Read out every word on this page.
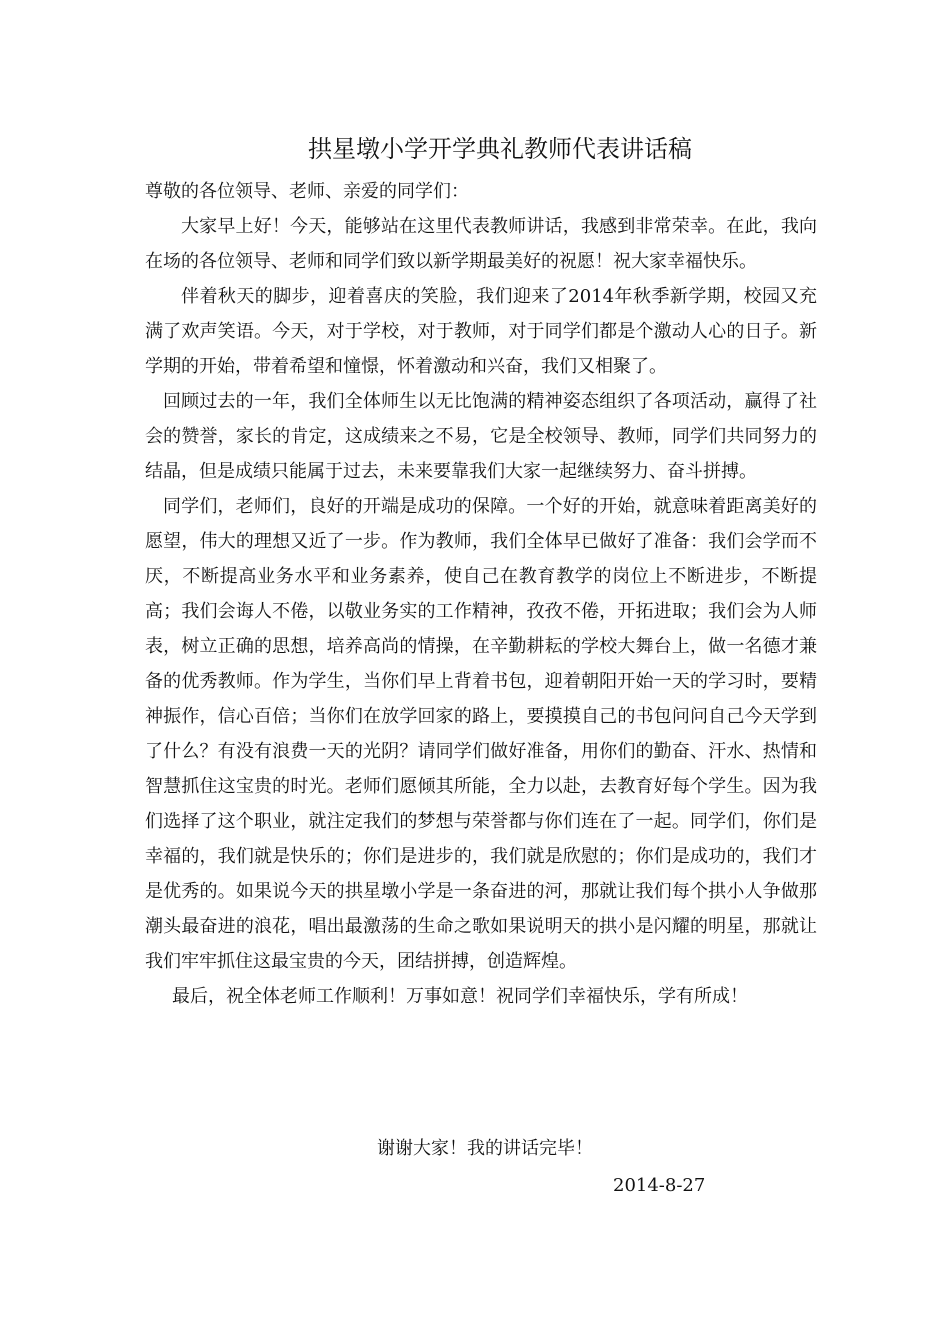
拱星墩小学开学典礼教师代表讲话稿

尊敬的各位领导、老师、亲爱的同学们：

大家早上好！今天，能够站在这里代表教师讲话，我感到非常荣幸。在此，我向在场的各位领导、老师和同学们致以新学期最美好的祝愿！祝大家幸福快乐。

伴着秋天的脚步，迎着喜庆的笑脸，我们迎来了2014年秋季新学期，校园又充满了欢声笑语。今天，对于学校，对于教师，对于同学们都是个激动人心的日子。新学期的开始，带着希望和憧憬，怀着激动和兴奋，我们又相聚了。

回顾过去的一年，我们全体师生以无比饱满的精神姿态组织了各项活动，赢得了社会的赞誉，家长的肯定，这成绩来之不易，它是全校领导、教师，同学们共同努力的结晶，但是成绩只能属于过去，未来要靠我们大家一起继续努力、奋斗拼搏。

同学们，老师们，良好的开端是成功的保障。一个好的开始，就意味着距离美好的愿望，伟大的理想又近了一步。作为教师，我们全体早已做好了准备：我们会学而不厌，不断提高业务水平和业务素养，使自己在教育教学的岗位上不断进步，不断提高；我们会诲人不倦，以敬业务实的工作精神，孜孜不倦，开拓进取；我们会为人师表，树立正确的思想，培养高尚的情操，在辛勤耕耘的学校大舞台上，做一名德才兼备的优秀教师。作为学生，当你们早上背着书包，迎着朝阳开始一天的学习时，要精神振作，信心百倍；当你们在放学回家的路上，要摸摸自己的书包问问自己今天学到了什么？有没有浪费一天的光阴？请同学们做好准备，用你们的勤奋、汗水、热情和智慧抓住这宝贵的时光。老师们愿倾其所能，全力以赴，去教育好每个学生。因为我们选择了这个职业，就注定我们的梦想与荣誉都与你们连在了一起。同学们，你们是幸福的，我们就是快乐的；你们是进步的，我们就是欣慰的；你们是成功的，我们才是优秀的。如果说今天的拱星墩小学是一条奋进的河，那就让我们每个拱小人争做那潮头最奋进的浪花，唱出最激荡的生命之歌如果说明天的拱小是闪耀的明星，那就让我们牢牢抓住这最宝贵的今天，团结拼搏，创造辉煌。

最后，祝全体老师工作顺利！万事如意！祝同学们幸福快乐，学有所成！

谢谢大家！我的讲话完毕！
2014-8-27
